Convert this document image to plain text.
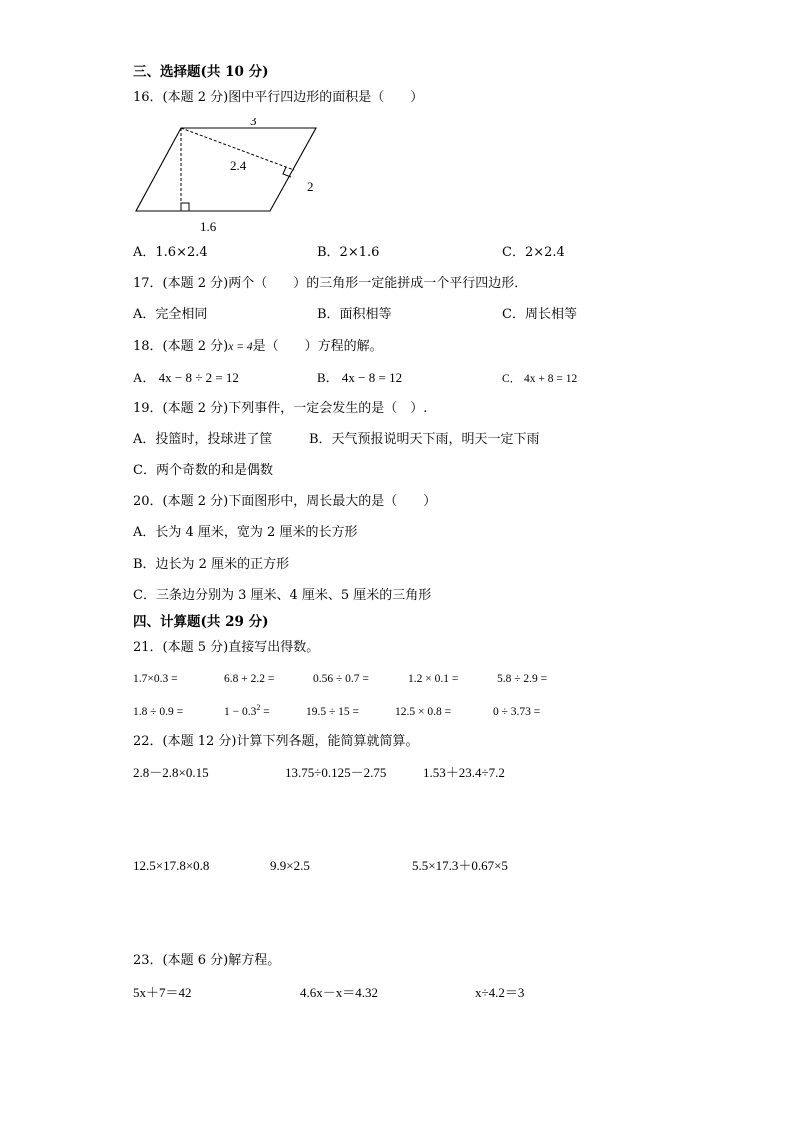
三、选择题(共 10 分)
16．(本题 2 分)图中平行四边形的面积是（　　）
3
2.4
2
1.6
A．1.6×2.4	B．2×1.6	C．2×2.4
17．(本题 2 分)两个（　　）的三角形一定能拼成一个平行四边形．
A．完全相同	B．面积相等	C．周长相等
18．(本题 2 分)x = 4是（　　）方程的解。
A． 4x − 8 ÷ 2 = 12	B． 4x − 8 = 12	C． 4x + 8 = 12
19．(本题 2 分)下列事件，一定会发生的是（　）.
A．投篮时，投球进了筐	B．天气预报说明天下雨，明天一定下雨
C．两个奇数的和是偶数
20．(本题 2 分)下面图形中，周长最大的是（　　）
A．长为 4 厘米，宽为 2 厘米的长方形
B．边长为 2 厘米的正方形
C．三条边分别为 3 厘米、4 厘米、5 厘米的三角形
四、计算题(共 29 分)
21．(本题 5 分)直接写出得数。
1.7×0.3 =	6.8 + 2.2 =	0.56 ÷ 0.7 =	1.2 × 0.1 =	5.8 ÷ 2.9 =
1.8 ÷ 0.9 =	$1 - 0.3^2$ =	19.5 ÷ 15 =	12.5 × 0.8 =	0 ÷ 3.73 =
22．(本题 12 分)计算下列各题，能简算就简算。
2.8－2.8×0.15	13.75÷0.125－2.75	1.53＋23.4÷7.2
12.5×17.8×0.8	9.9×2.5	5.5×17.3＋0.67×5
23．(本题 6 分)解方程。
5x＋7＝42	4.6x－x＝4.32	x÷4.2＝3
